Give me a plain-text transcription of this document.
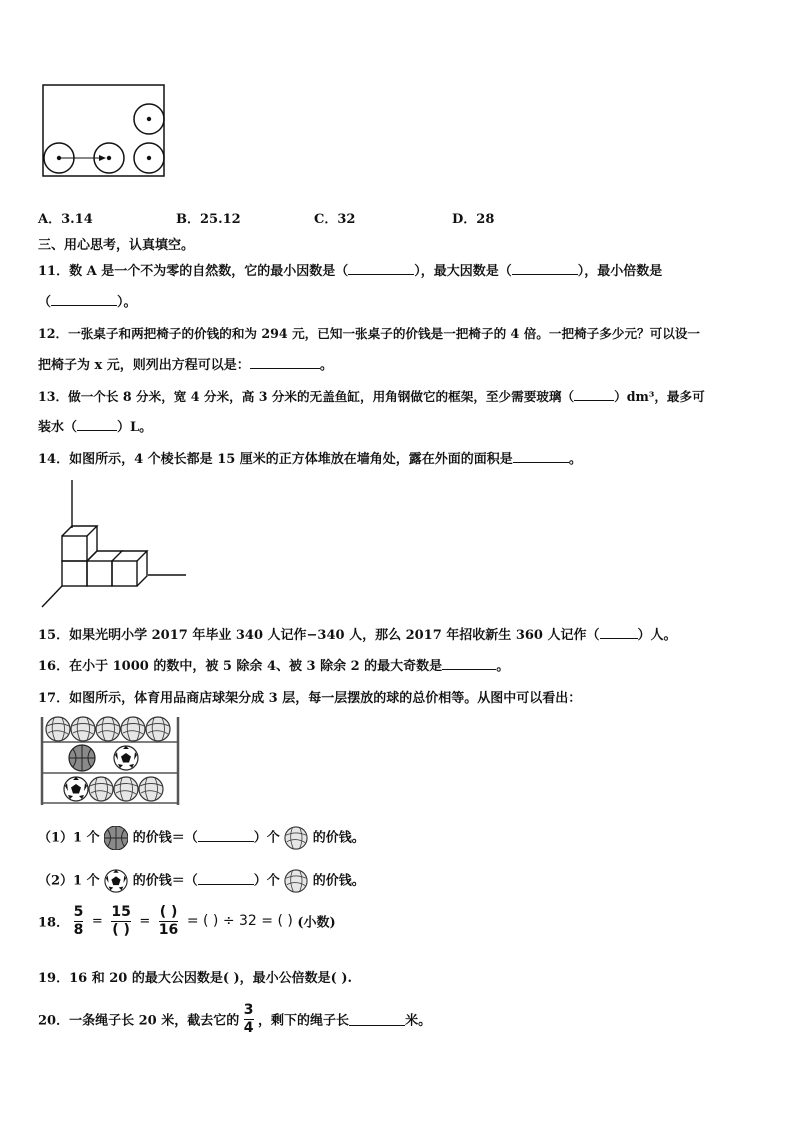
A．3.14	B．25.12	C．32	D．28
三、用心思考，认真填空。
11．数 A 是一个不为零的自然数，它的最小因数是（	），最大因数是（	），最小倍数是
（	）。
12．一张桌子和两把椅子的价钱的和为 294 元，已知一张桌子的价钱是一把椅子的 4 倍。一把椅子多少元？可以设一
把椅子为 x 元，则列出方程可以是：	。
13．做一个长 8 分米，宽 4 分米，高 3 分米的无盖鱼缸，用角钢做它的框架，至少需要玻璃（	）dm³，最多可
装水（	）L。
14．如图所示，4 个棱长都是 15 厘米的正方体堆放在墙角处，露在外面的面积是	。
15．如果光明小学 2017 年毕业 340 人记作−340 人，那么 2017 年招收新生 360 人记作（	）人。
16．在小于 1000 的数中，被 5 除余 4、被 3 除余 2 的最大奇数是	。
17．如图所示，体育用品商店球架分成 3 层，每一层摆放的球的总价相等。从图中可以看出：
（1）1 个	的价钱＝（	）个	的价钱。
（2）1 个	的价钱＝（	）个	的价钱。
18． $\frac{5}{8} = \frac{15}{( )} = \frac{( )}{16}$ = ( ) ÷ 32 = ( ) (小数)
19．16 和 20 的最大公因数是( )，最小公倍数是( ).
20．一条绳子长 20 米，截去它的 $\frac{3}{4}$ ，剩下的绳子长	米。
